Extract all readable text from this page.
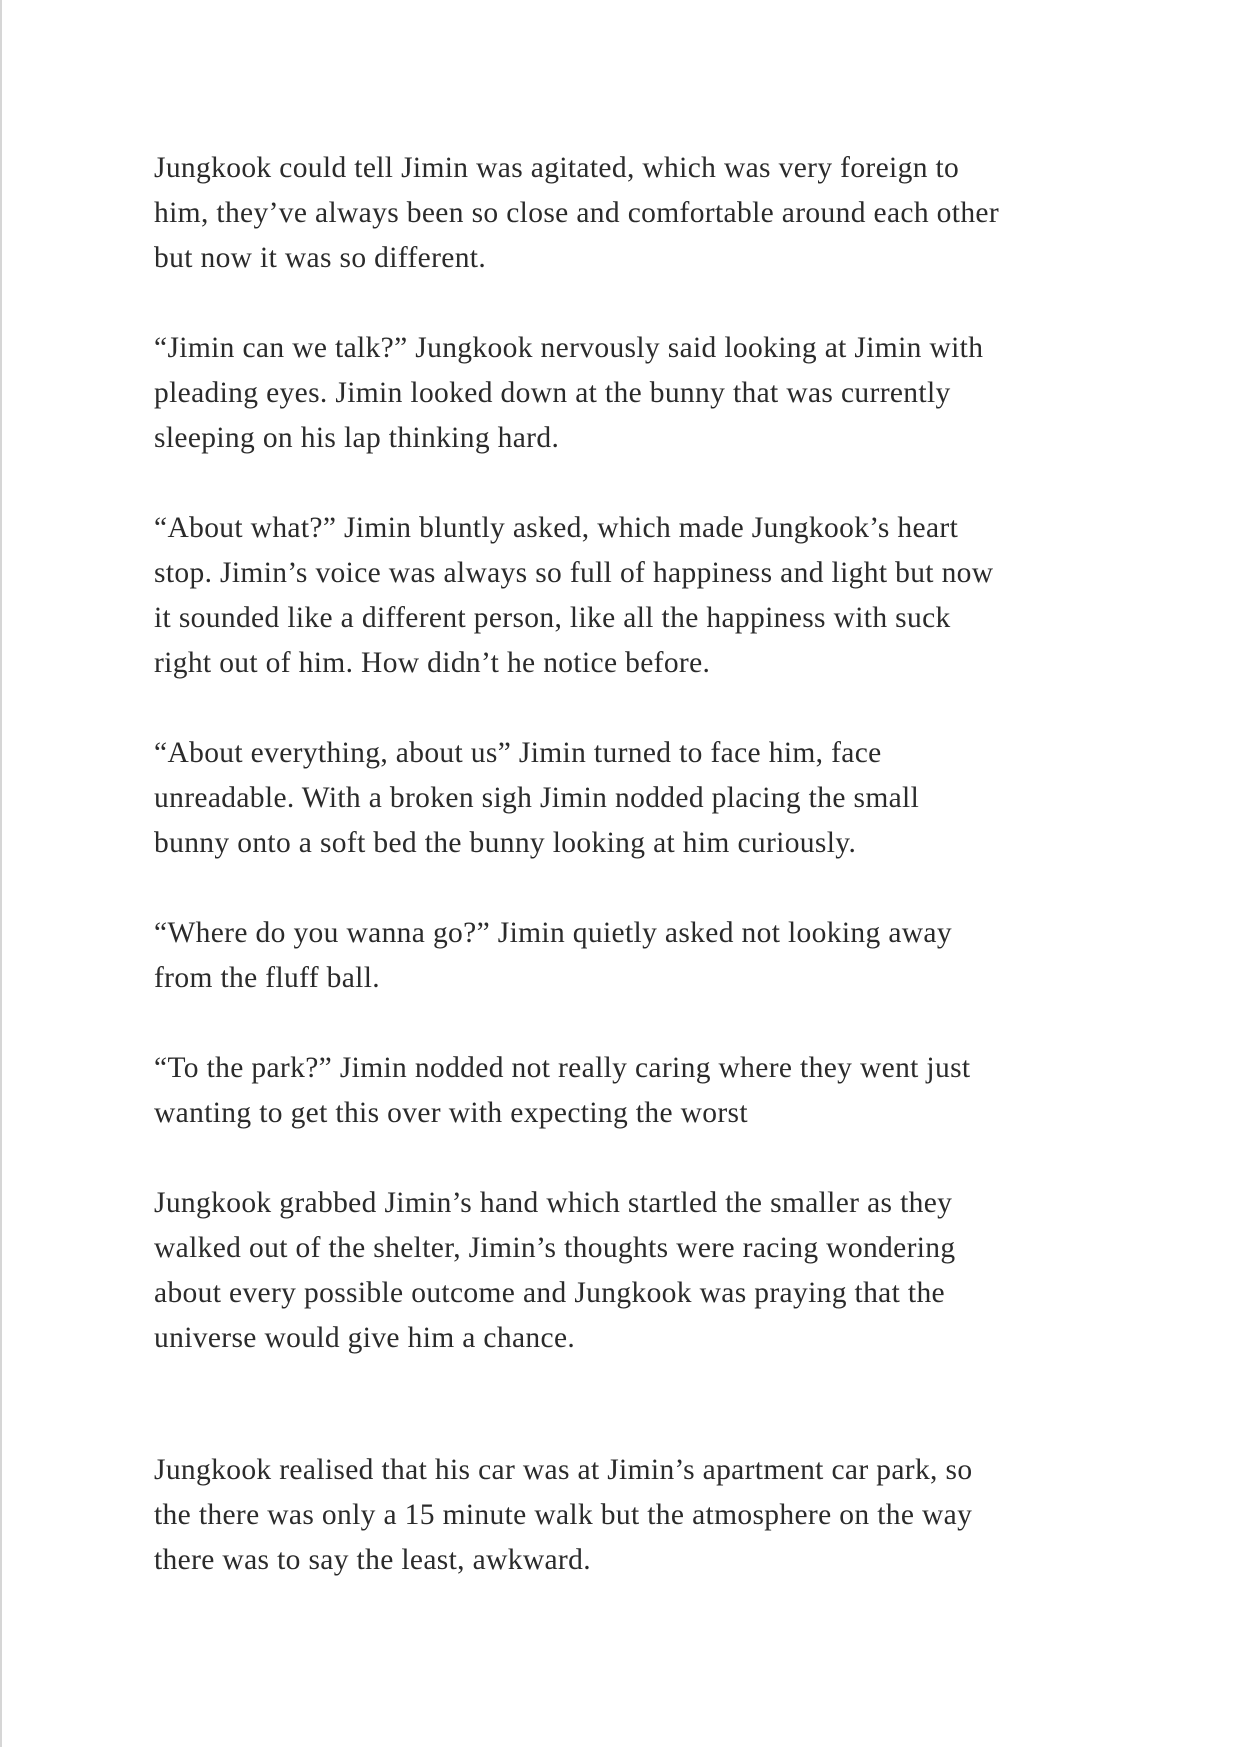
Jungkook could tell Jimin was agitated, which was very foreign to
him, they’ve always been so close and comfortable around each other
but now it was so different.

“Jimin can we talk?” Jungkook nervously said looking at Jimin with
pleading eyes. Jimin looked down at the bunny that was currently
sleeping on his lap thinking hard.

“About what?” Jimin bluntly asked, which made Jungkook’s heart
stop. Jimin’s voice was always so full of happiness and light but now
it sounded like a different person, like all the happiness with suck
right out of him. How didn’t he notice before.

“About everything, about us” Jimin turned to face him, face
unreadable. With a broken sigh Jimin nodded placing the small
bunny onto a soft bed the bunny looking at him curiously.

“Where do you wanna go?” Jimin quietly asked not looking away
from the fluff ball.

“To the park?” Jimin nodded not really caring where they went just
wanting to get this over with expecting the worst

Jungkook grabbed Jimin’s hand which startled the smaller as they
walked out of the shelter, Jimin’s thoughts were racing wondering
about every possible outcome and Jungkook was praying that the
universe would give him a chance.

Jungkook realised that his car was at Jimin’s apartment car park, so
the there was only a 15 minute walk but the atmosphere on the way
there was to say the least, awkward.
